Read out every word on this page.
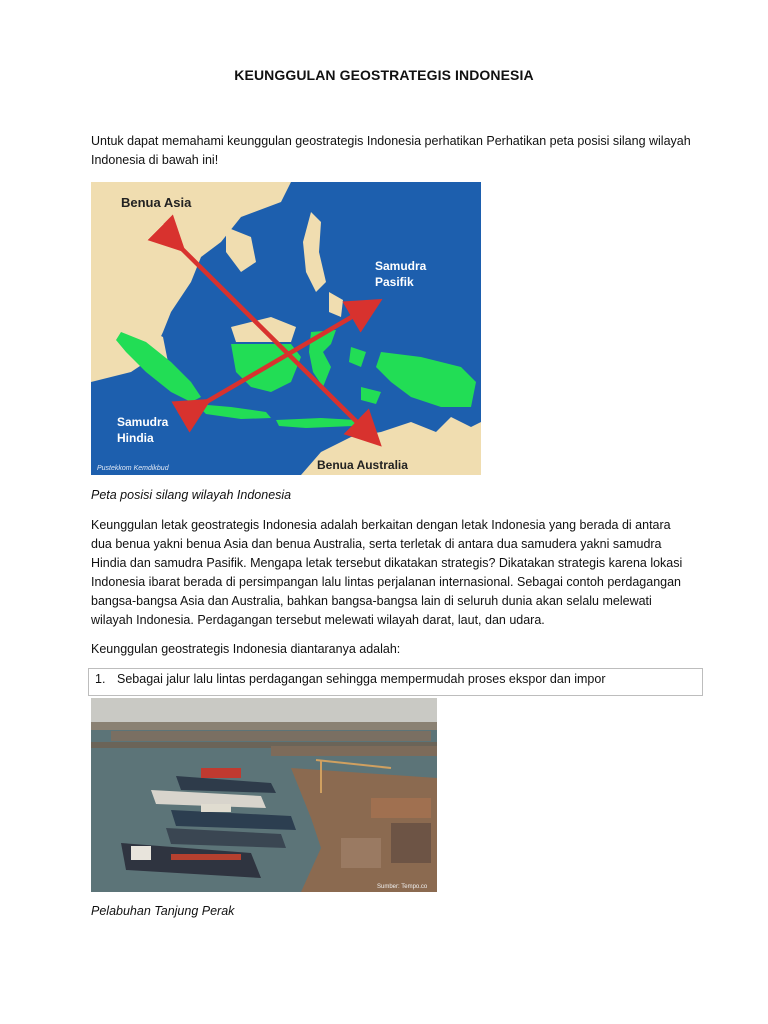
KEUNGGULAN GEOSTRATEGIS INDONESIA
Untuk dapat memahami keunggulan geostrategis Indonesia perhatikan Perhatikan peta posisi silang wilayah Indonesia di bawah ini!
Benua Asia
Samudra
Pasifik
Samudra
Hindia
Benua Australia
Pustekkom Kemdikbud
Peta posisi silang wilayah Indonesia
Keunggulan letak geostrategis Indonesia adalah berkaitan dengan letak Indonesia yang berada di antara dua benua yakni benua Asia dan benua Australia, serta terletak di antara dua samudera yakni samudra Hindia dan samudra Pasifik. Mengapa letak tersebut dikatakan strategis? Dikatakan strategis karena lokasi Indonesia ibarat berada di persimpangan lalu lintas perjalanan internasional. Sebagai contoh perdagangan bangsa-bangsa Asia dan Australia, bahkan bangsa-bangsa lain di seluruh dunia akan selalu melewati wilayah Indonesia. Perdagangan tersebut melewati wilayah darat, laut, dan udara.
Keunggulan geostrategis Indonesia diantaranya adalah:
1. Sebagai jalur lalu lintas perdagangan sehingga mempermudah proses ekspor dan impor
Sumber: Tempo.co
Pelabuhan Tanjung Perak
